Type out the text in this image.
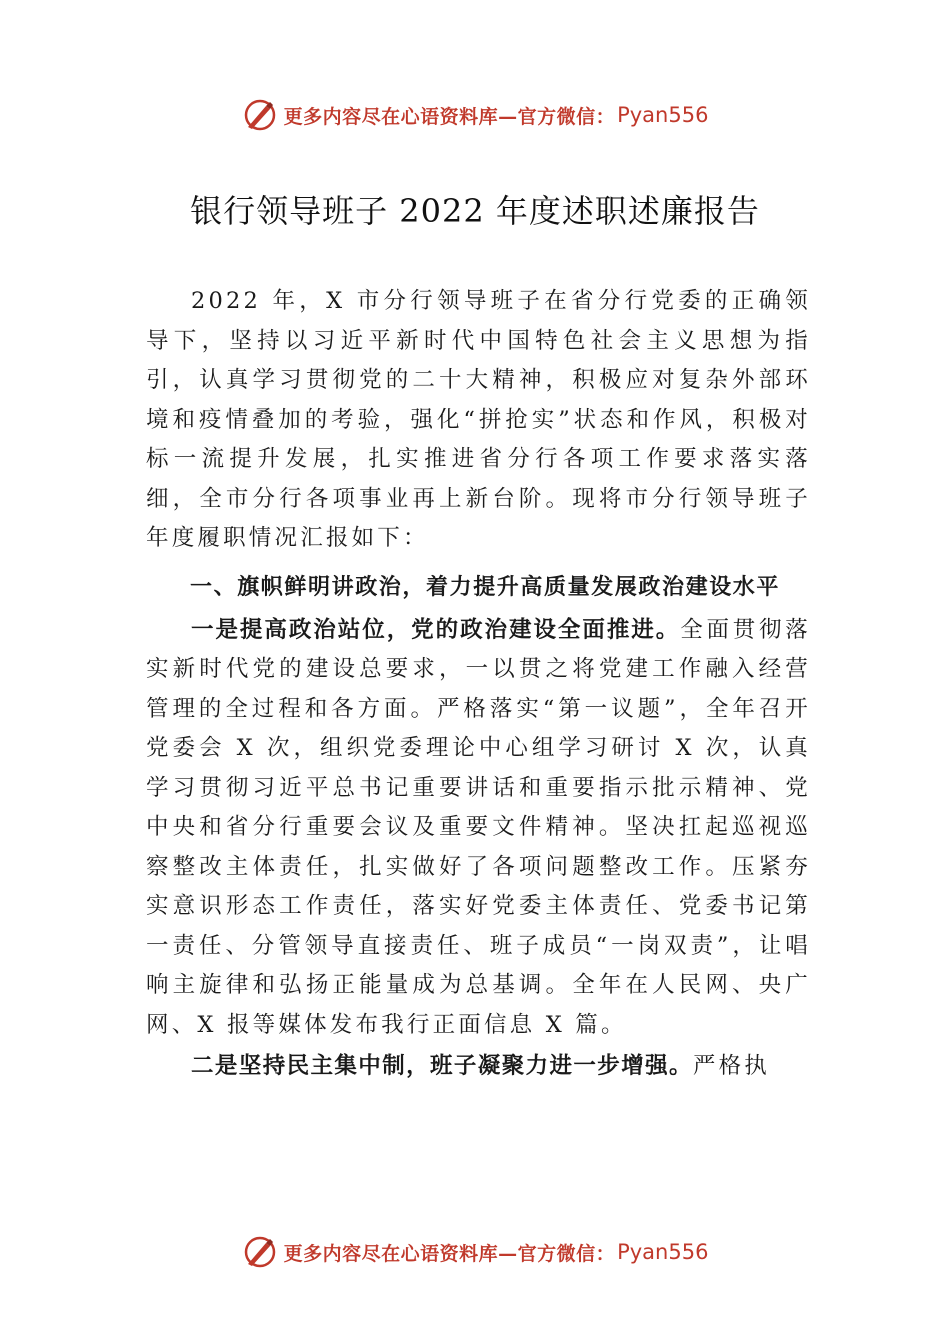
更多内容尽在心语资料库—官方微信： Pyan556
银行领导班子 2022 年度述职述廉报告

2022 年，X 市分行领导班子在省分行党委的正确领导下，坚持以习近平新时代中国特色社会主义思想为指引，认真学习贯彻党的二十大精神，积极应对复杂外部环境和疫情叠加的考验，强化“拼抢实”状态和作风，积极对标一流提升发展，扎实推进省分行各项工作要求落实落细，全市分行各项事业再上新台阶。现将市分行领导班子年度履职情况汇报如下：

一、旗帜鲜明讲政治，着力提升高质量发展政治建设水平

一是提高政治站位，党的政治建设全面推进。全面贯彻落实新时代党的建设总要求，一以贯之将党建工作融入经营管理的全过程和各方面。严格落实“第一议题”，全年召开党委会 X 次，组织党委理论中心组学习研讨 X 次，认真学习贯彻习近平总书记重要讲话和重要指示批示精神、党中央和省分行重要会议及重要文件精神。坚决扛起巡视巡察整改主体责任，扎实做好了各项问题整改工作。压紧夯实意识形态工作责任，落实好党委主体责任、党委书记第一责任、分管领导直接责任、班子成员“一岗双责”，让唱响主旋律和弘扬正能量成为总基调。全年在人民网、央广网、X 报等媒体发布我行正面信息 X 篇。

二是坚持民主集中制，班子凝聚力进一步增强。严格执

更多内容尽在心语资料库—官方微信： Pyan556
